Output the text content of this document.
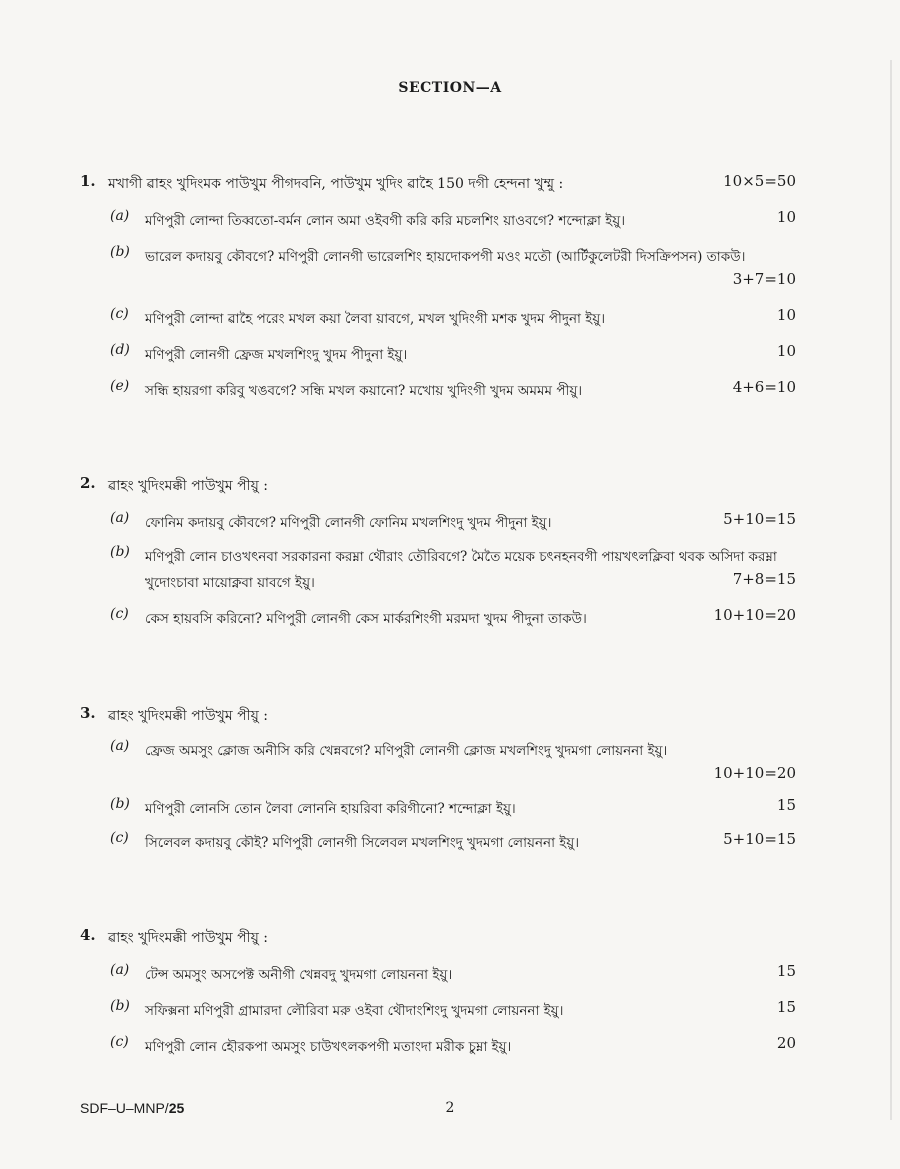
SECTION—A
1. মখাগী ৱাহং খুদিংমক পাউখুম পীগদবনি, পাউখুম খুদিং ৱাহৈ 150 দগী হেন্দনা খুম্মু :	10×5=50
(a) মণিপুরী লোন্দা তিব্বতো-বর্মন লোন অমা ওইবগী করি করি মচলশিং য়াওবগে? শন্দোক্লা ইয়ু।	10
(b) ভারেল কদায়বু কৌবগে? মণিপুরী লোনগী ভারেলশিং হায়দোকপগী মওং মতৌ (আর্টিকুলেটরী দিসক্রিপসন) তাকউ।
3+7=10
(c) মণিপুরী লোন্দা ৱাহৈ পরেং মখল কয়া লৈবা য়াবগে, মখল খুদিংগী মশক খুদম পীদুনা ইয়ু।	10
(d) মণিপুরী লোনগী ফ্রেজ মখলশিংদু খুদম পীদুনা ইয়ু।	10
(e) সন্ধি হায়রগা করিবু খঙবগে? সন্ধি মখল কয়ানো? মখোয় খুদিংগী খুদম অমমম পীয়ু।	4+6=10
2. ৱাহং খুদিংমক্কী পাউখুম পীয়ু :
(a) ফোনিম কদায়বু কৌবগে? মণিপুরী লোনগী ফোনিম মখলশিংদু খুদম পীদুনা ইয়ু।	5+10=15
(b) মণিপুরী লোন চাওখৎনবা সরকারনা করম্না থৌরাং তৌরিবগে? মৈতৈ ময়েক চৎনহনবগী পায়খৎলক্লিবা থবক অসিদা করম্না খুদোংচাবা মায়োক্নবা য়াবগে ইয়ু।	7+8=15
(c) কেস হায়বসি করিনো? মণিপুরী লোনগী কেস মার্করশিংগী মরমদা খুদম পীদুনা তাকউ।	10+10=20
3. ৱাহং খুদিংমক্কী পাউখুম পীয়ু :
(a) ফ্রেজ অমসুং ক্লোজ অনীসি করি খেন্নবগে? মণিপুরী লোনগী ক্লোজ মখলশিংদু খুদমগা লোয়ননা ইয়ু।
10+10=20
(b) মণিপুরী লোনসি তোন লৈবা লোননি হায়রিবা করিগীনো? শন্দোক্লা ইয়ু।	15
(c) সিলেবল কদায়বু কৌই? মণিপুরী লোনগী সিলেবল মখলশিংদু খুদমগা লোয়ননা ইয়ু।	5+10=15
4. ৱাহং খুদিংমক্কী পাউখুম পীয়ু :
(a) টেন্স অমসুং অসপেক্ট অনীগী খেন্নবদু খুদমগা লোয়ননা ইয়ু।	15
(b) সফিক্সনা মণিপুরী গ্রামারদা লৌরিবা মরু ওইবা থৌদাংশিংদু খুদমগা লোয়ননা ইয়ু।	15
(c) মণিপুরী লোন হৌরকপা অমসুং চাউখৎলকপগী মতাংদা মরীক চুম্না ইয়ু।	20
SDF–U–MNP/25	2
